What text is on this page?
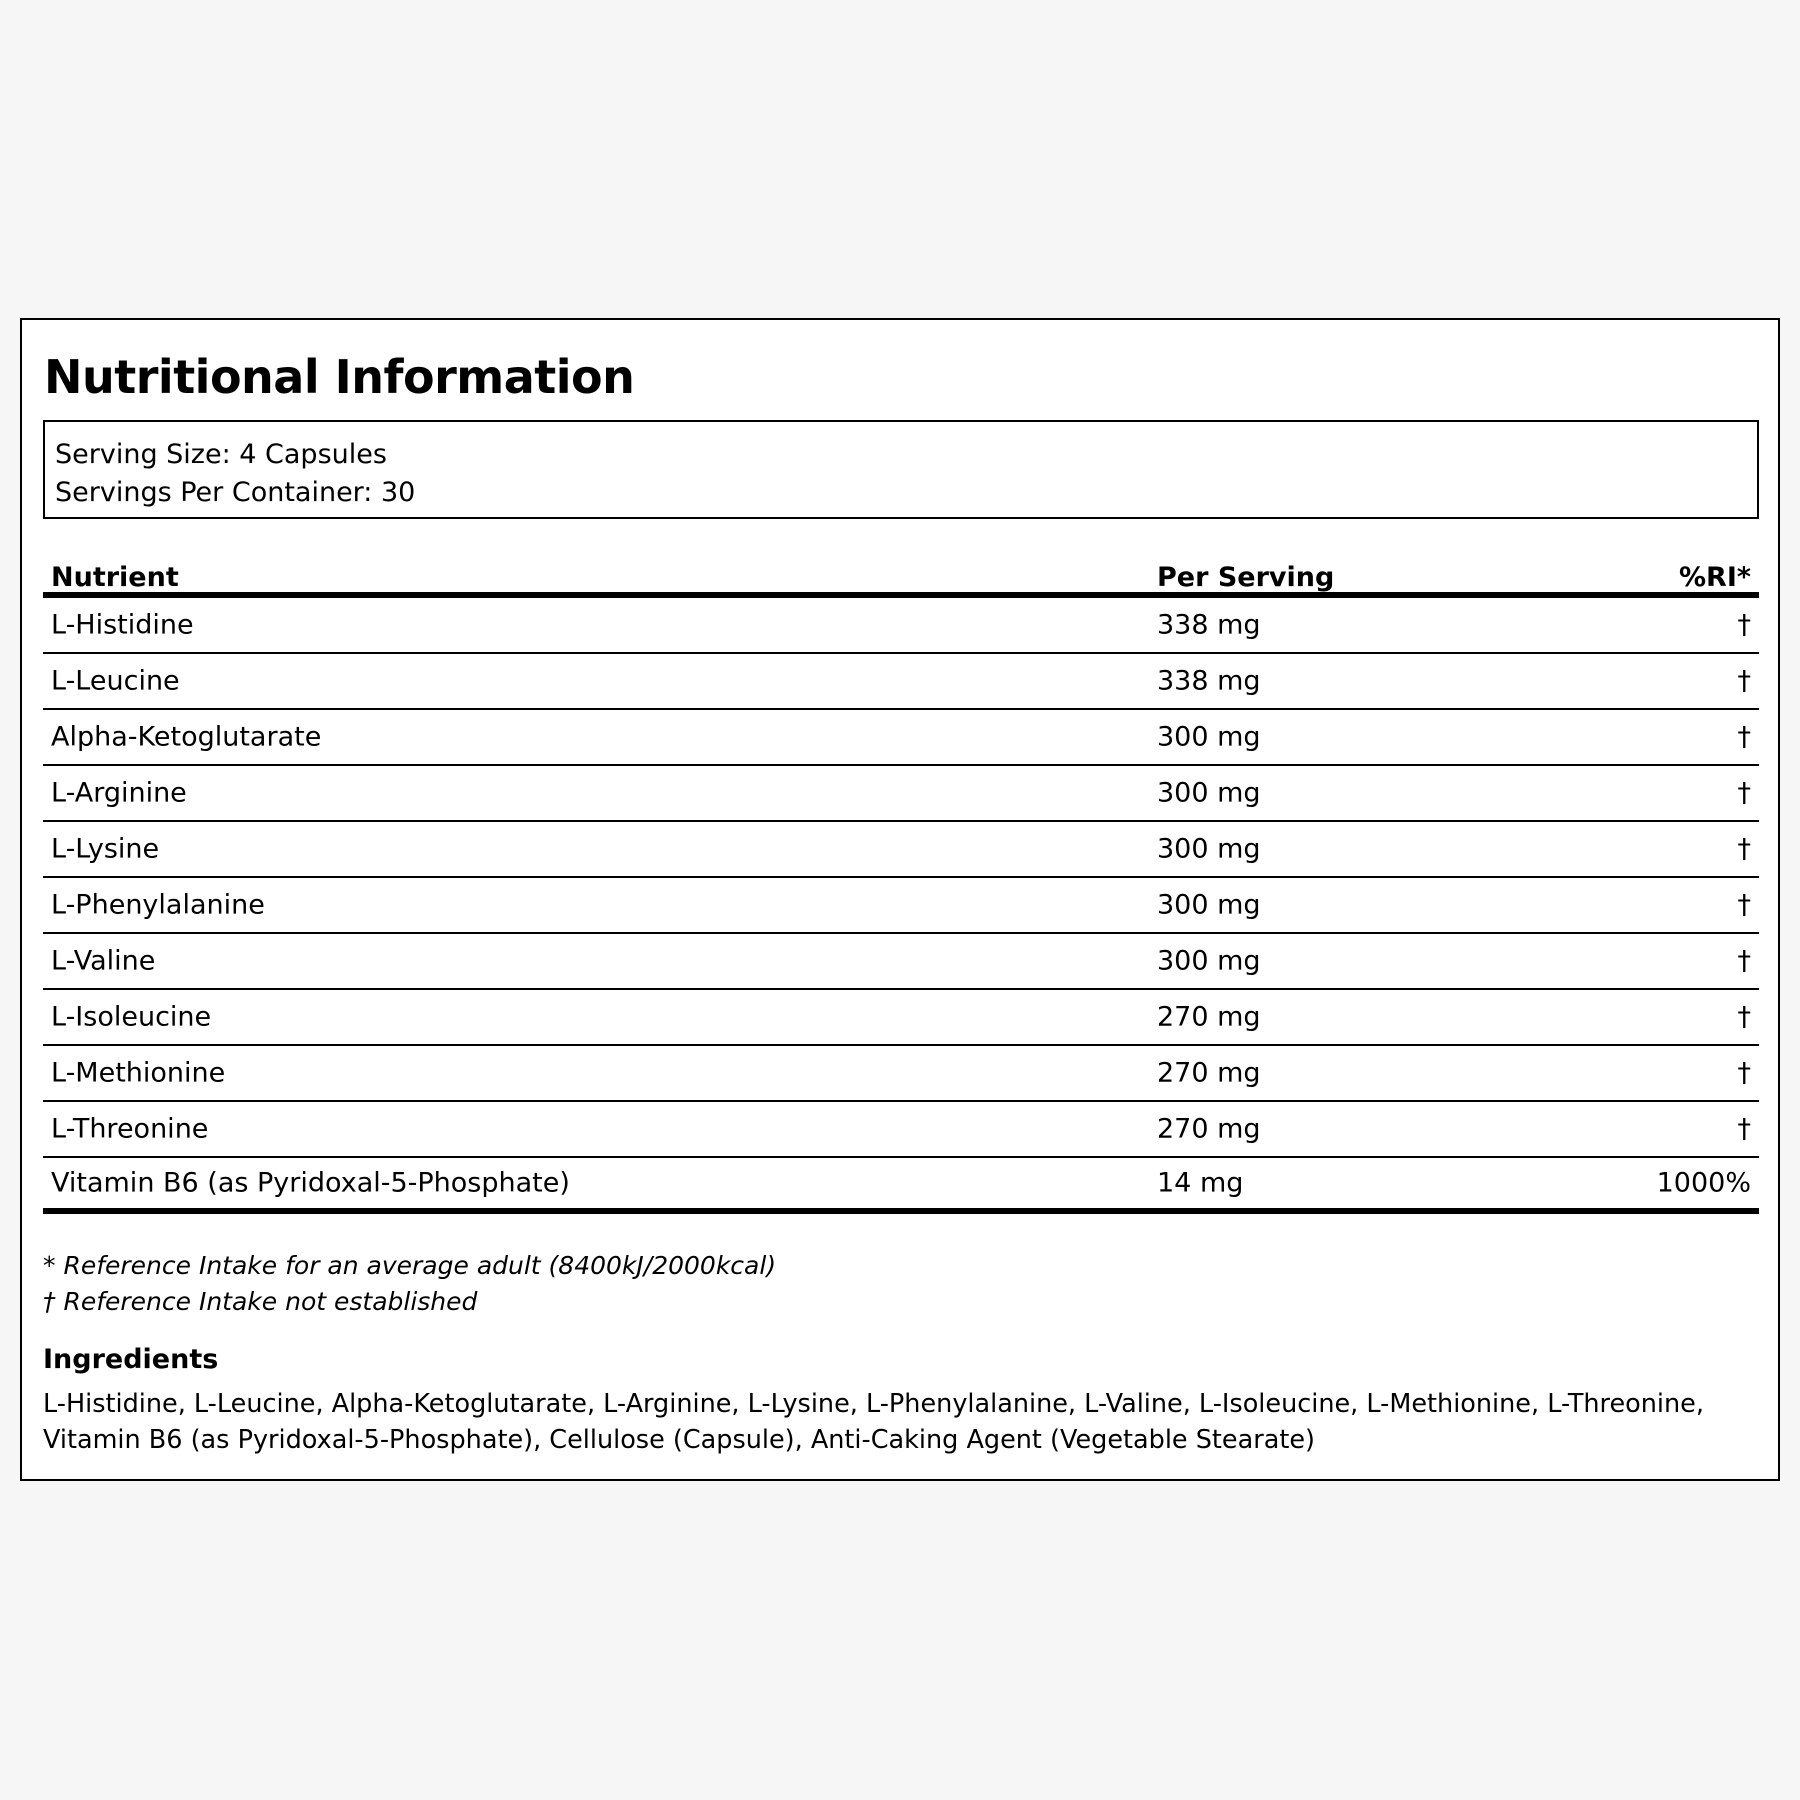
Nutritional Information
Serving Size: 4 Capsules
Servings Per Container: 30
Nutrient	Per Serving	%RI*
L-Histidine	338 mg	†
L-Leucine	338 mg	†
Alpha-Ketoglutarate	300 mg	†
L-Arginine	300 mg	†
L-Lysine	300 mg	†
L-Phenylalanine	300 mg	†
L-Valine	300 mg	†
L-Isoleucine	270 mg	†
L-Methionine	270 mg	†
L-Threonine	270 mg	†
Vitamin B6 (as Pyridoxal-5-Phosphate)	14 mg	1000%
* Reference Intake for an average adult (8400kJ/2000kcal)
† Reference Intake not established
Ingredients

L-Histidine, L-Leucine, Alpha-Ketoglutarate, L-Arginine, L-Lysine, L-Phenylalanine, L-Valine, L-Isoleucine, L-Methionine, L-Threonine, Vitamin B6 (as Pyridoxal-5-Phosphate), Cellulose (Capsule), Anti-Caking Agent (Vegetable Stearate)
